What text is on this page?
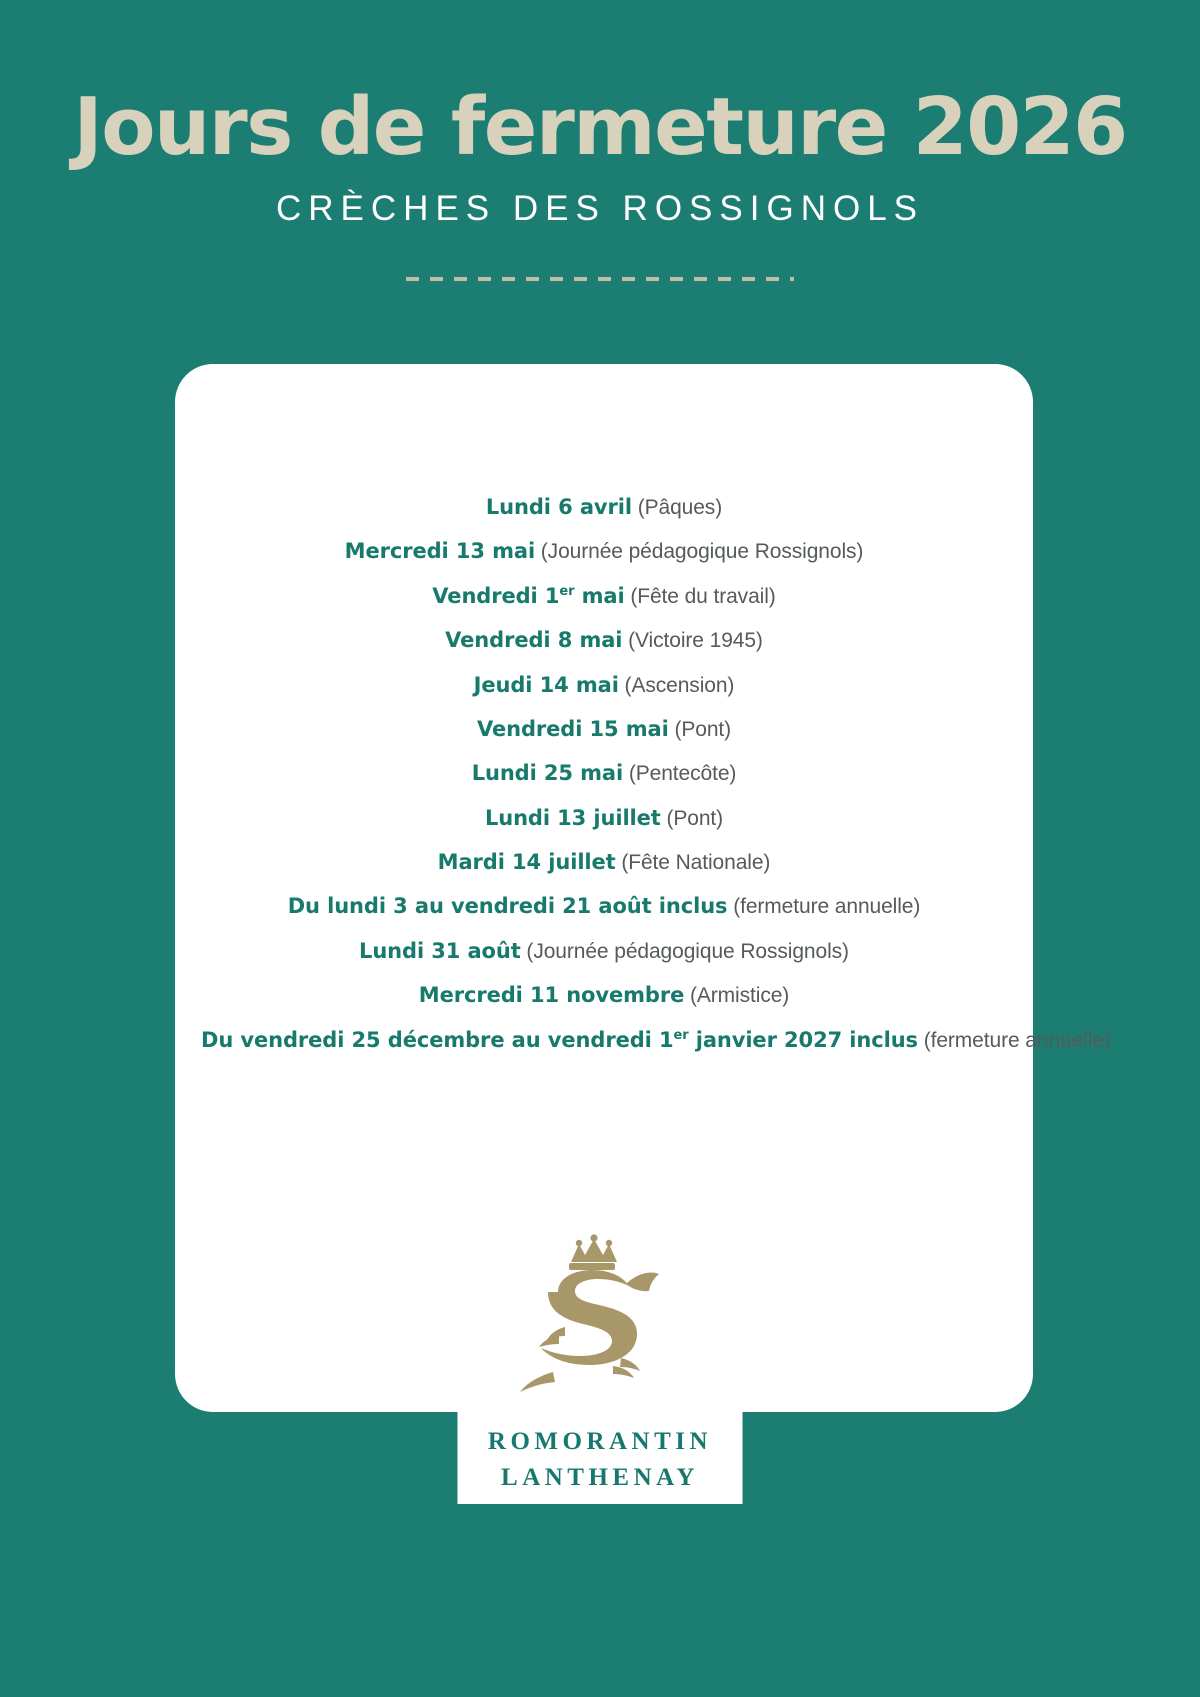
Jours de fermeture 2026
CRÈCHES DES ROSSIGNOLS
Lundi 6 avril (Pâques)
Mercredi 13 mai (Journée pédagogique Rossignols)
Vendredi 1er mai (Fête du travail)
Vendredi 8 mai (Victoire 1945)
Jeudi 14 mai (Ascension)
Vendredi 15 mai (Pont)
Lundi 25 mai (Pentecôte)
Lundi 13 juillet (Pont)
Mardi 14 juillet (Fête Nationale)
Du lundi 3 au vendredi 21 août inclus (fermeture annuelle)
Lundi 31 août (Journée pédagogique Rossignols)
Mercredi 11 novembre (Armistice)
Du vendredi 25 décembre au vendredi 1er janvier 2027 inclus (fermeture annuelle)
ROMORANTIN
LANTHENAY
